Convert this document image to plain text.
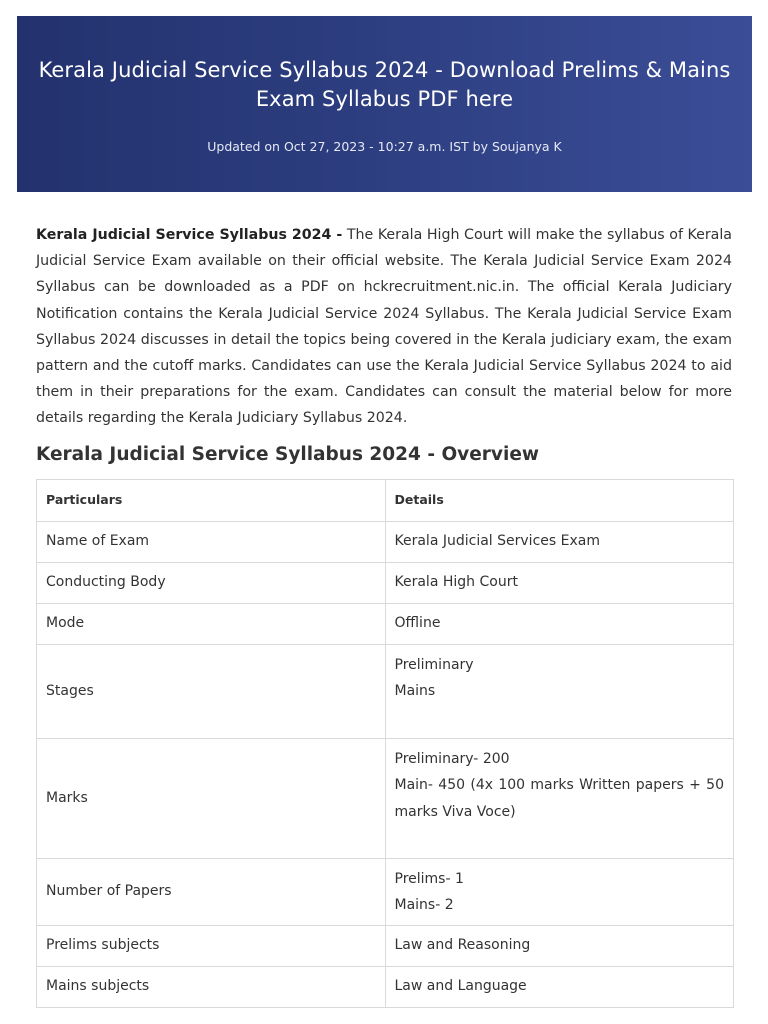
Kerala Judicial Service Syllabus 2024 - Download Prelims & Mains Exam Syllabus PDF here
Updated on Oct 27, 2023 - 10:27 a.m. IST by Soujanya K

Kerala Judicial Service Syllabus 2024 - The Kerala High Court will make the syllabus of Kerala Judicial Service Exam available on their official website. The Kerala Judicial Service Exam 2024 Syllabus can be downloaded as a PDF on hckrecruitment.nic.in. The official Kerala Judiciary Notification contains the Kerala Judicial Service 2024 Syllabus. The Kerala Judicial Service Exam Syllabus 2024 discusses in detail the topics being covered in the Kerala judiciary exam, the exam pattern and the cutoff marks. Candidates can use the Kerala Judicial Service Syllabus 2024 to aid them in their preparations for the exam. Candidates can consult the material below for more details regarding the Kerala Judiciary Syllabus 2024.

Kerala Judicial Service Syllabus 2024 - Overview
Particulars	Details
Name of Exam	Kerala Judicial Services Exam

Conducting Body	Kerala High Court

Mode	Offline

Stages	Preliminary
Mains

Marks	Preliminary- 200
Main- 450 (4x 100 marks Written papers + 50 marks Viva Voce)

Number of Papers	Prelims- 1
Mains- 2

Prelims subjects	Law and Reasoning

Mains subjects	Law and Language
